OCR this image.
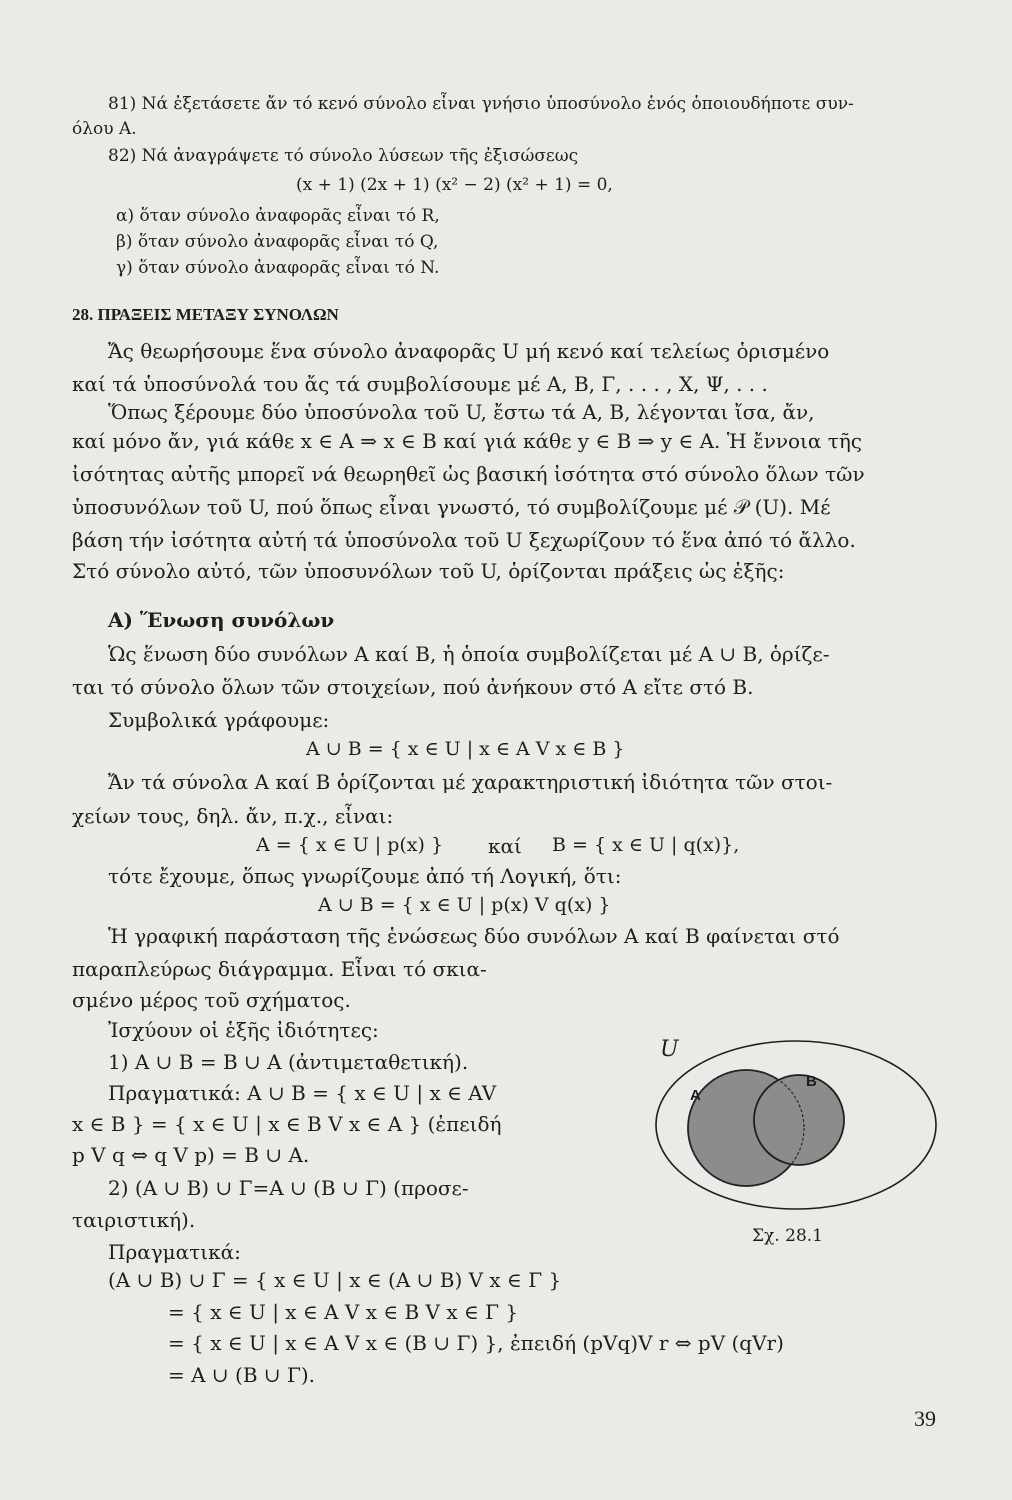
81) Νά ἐξετάσετε ἄν τό κενό σύνολο εἶναι γνήσιο ὑποσύνολο ἑνός ὁποιουδήποτε συν-
όλου Α.
82) Νά ἀναγράψετε τό σύνολο λύσεων τῆς ἐξισώσεως
(x + 1) (2x + 1) (x² − 2) (x² + 1) = 0,
α) ὅταν σύνολο ἀναφορᾶς εἶναι τό R,
β) ὅταν σύνολο ἀναφορᾶς εἶναι τό Q,
γ) ὅταν σύνολο ἀναφορᾶς εἶναι τό N.
28. ΠΡΑΞΕΙΣ ΜΕΤΑΞΥ ΣΥΝΟΛΩΝ
Ἄς θεωρήσουμε ἕνα σύνολο ἀναφορᾶς U μή κενό καί τελείως ὁρισμένο
καί τά ὑποσύνολά του ἄς τά συμβολίσουμε μέ Α, Β, Γ, . . . , Χ, Ψ, . . .
Ὅπως ξέρουμε δύο ὑποσύνολα τοῦ U, ἔστω τά Α, Β, λέγονται ἴσα, ἄν,
καί μόνο ἄν, γιά κάθε x ∈ A ⇒ x ∈ B καί γιά κάθε y ∈ B ⇒ y ∈ A. Ἡ ἔννοια τῆς
ἰσότητας αὐτῆς μπορεῖ νά θεωρηθεῖ ὡς βασική ἰσότητα στό σύνολο ὅλων τῶν
ὑποσυνόλων τοῦ U, πού ὅπως εἶναι γνωστό, τό συμβολίζουμε μέ 𝒫 (U). Μέ
βάση τήν ἰσότητα αὐτή τά ὑποσύνολα τοῦ U ξεχωρίζουν τό ἕνα ἀπό τό ἄλλο.
Στό σύνολο αὐτό, τῶν ὑποσυνόλων τοῦ U, ὁρίζονται πράξεις ὡς ἑξῆς:
Α) Ἕνωση συνόλων
Ὡς ἕνωση δύο συνόλων Α καί Β, ἡ ὁποία συμβολίζεται μέ Α ∪ Β, ὁρίζε-
ται τό σύνολο ὅλων τῶν στοιχείων, πού ἀνήκουν στό Α εἴτε στό Β.
Συμβολικά γράφουμε:
A ∪ B = { x ∈ U | x ∈ A V x ∈ B }
Ἄν τά σύνολα Α καί Β ὁρίζονται μέ χαρακτηριστική ἰδιότητα τῶν στοι-
χείων τους, δηλ. ἄν, π.χ., εἶναι:
A = { x ∈ U | p(x) } καί B = { x ∈ U | q(x)},
τότε ἔχουμε, ὅπως γνωρίζουμε ἀπό τή Λογική, ὅτι:
A ∪ B = { x ∈ U | p(x) V q(x) }
Ἡ γραφική παράσταση τῆς ἑνώσεως δύο συνόλων Α καί Β φαίνεται στό
παραπλεύρως διάγραμμα. Εἶναι τό σκια-
σμένο μέρος τοῦ σχήματος.
Ἰσχύουν οἱ ἑξῆς ἰδιότητες:
1) A ∪ B = B ∪ A (ἀντιμεταθετική).
Πραγματικά: A ∪ B = { x ∈ U | x ∈ AV
x ∈ B } = { x ∈ U | x ∈ B V x ∈ A } (ἐπειδή
p V q ⇔ q V p) = B ∪ A.
2) (A ∪ B) ∪ Γ=A ∪ (B ∪ Γ) (προσε-
ταιριστική).
Πραγματικά:
(A ∪ B) ∪ Γ = { x ∈ U | x ∈ (A ∪ B) V x ∈ Γ }
= { x ∈ U | x ∈ A V x ∈ B V x ∈ Γ }
= { x ∈ U | x ∈ A V x ∈ (B ∪ Γ) }, ἐπειδή (pVq)V r ⇔ pV (qVr)
= A ∪ (B ∪ Γ).
U
A
B
Σχ. 28.1
39
